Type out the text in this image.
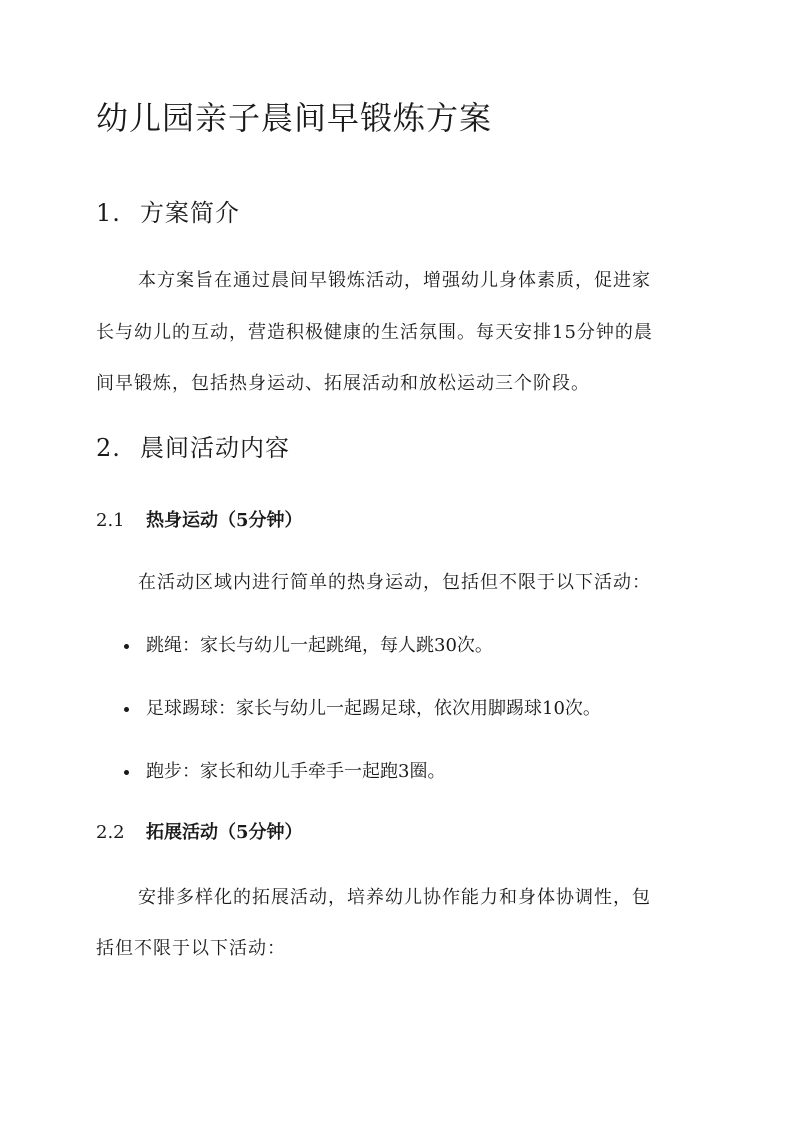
幼儿园亲子晨间早锻炼方案
1. 方案简介
本方案旨在通过晨间早锻炼活动，增强幼儿身体素质，促进家
长与幼儿的互动，营造积极健康的生活氛围。每天安排15分钟的晨
间早锻炼，包括热身运动、拓展活动和放松运动三个阶段。
2. 晨间活动内容
2.1 热身运动（5分钟）
在活动区域内进行简单的热身运动，包括但不限于以下活动：
跳绳：家长与幼儿一起跳绳，每人跳30次。
足球踢球：家长与幼儿一起踢足球，依次用脚踢球10次。
跑步：家长和幼儿手牵手一起跑3圈。
2.2 拓展活动（5分钟）
安排多样化的拓展活动，培养幼儿协作能力和身体协调性，包
括但不限于以下活动：
